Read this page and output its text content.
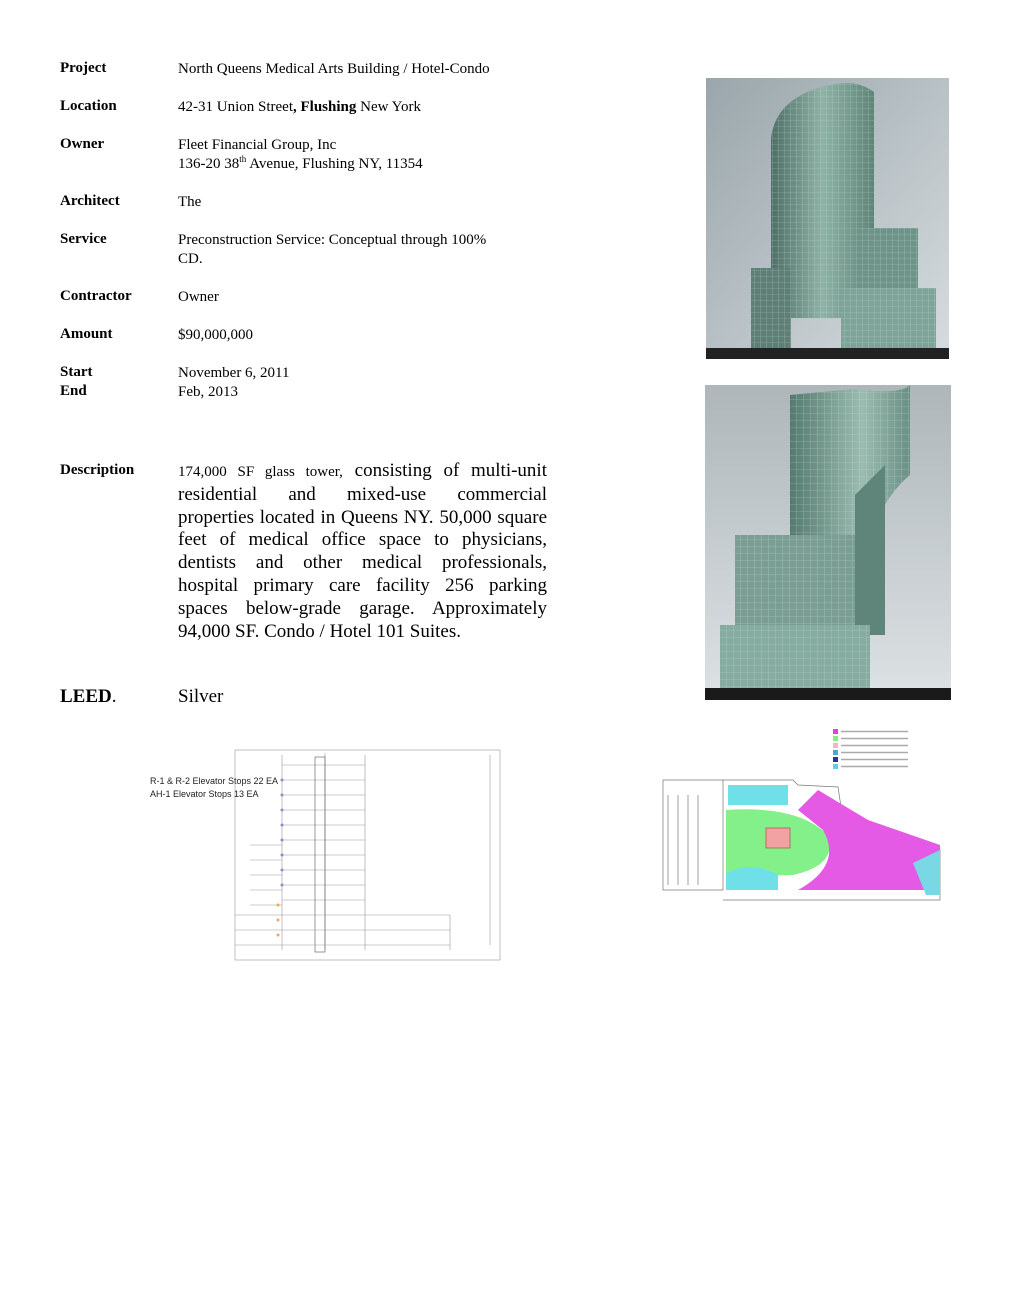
Project	North Queens Medical Arts Building / Hotel-Condo
Location	42-31 Union Street, Flushing New York
Owner	Fleet Financial Group, Inc
136-20 38th Avenue, Flushing NY, 11354
Architect	The
Service	Preconstruction Service: Conceptual through 100%
CD.
Contractor	Owner
Amount	$90,000,000
Start	November 6, 2011
End	Feb, 2013
Description	174,000 SF glass tower, consisting of multi-unit residential and mixed-use commercial properties located in Queens NY. 50,000 square feet of medical office space to physicians, dentists and other medical professionals, hospital primary care facility 256 parking spaces below-grade garage. Approximately 94,000 SF. Condo / Hotel 101 Suites.
LEED.	Silver
R-1 & R-2 Elevator Stops 22 EA
AH-1 Elevator Stops 13 EA
